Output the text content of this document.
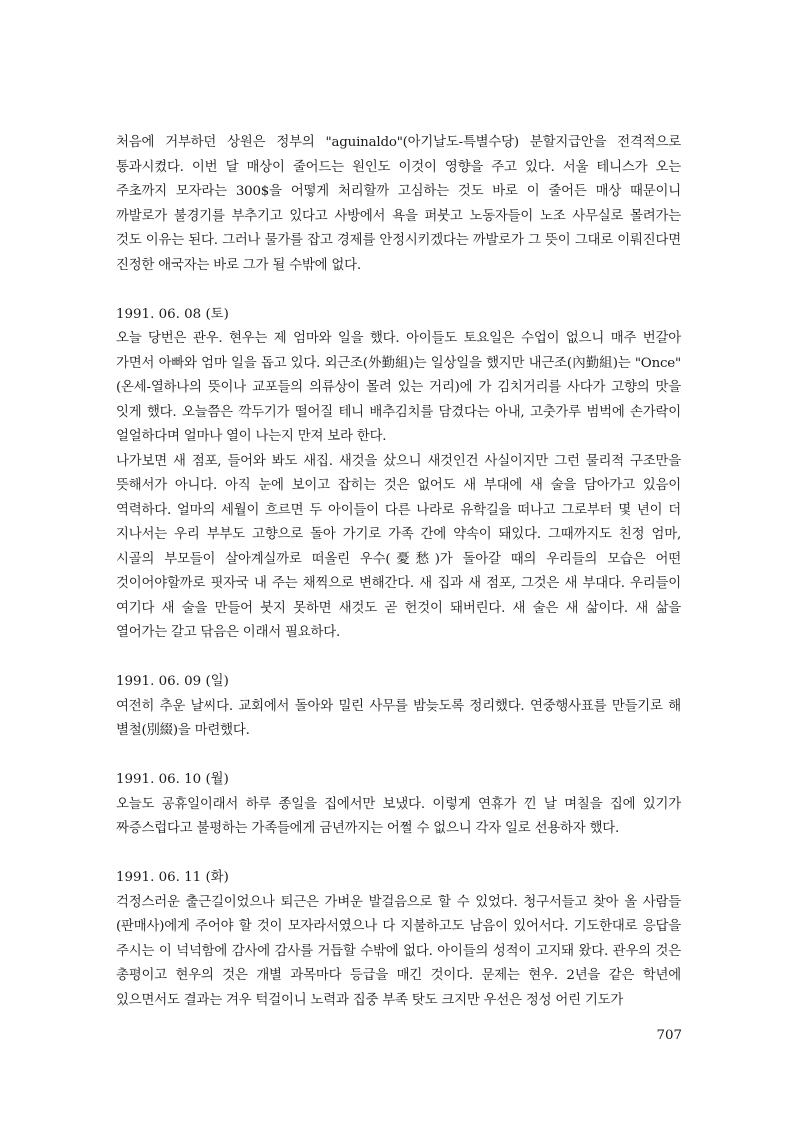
처음에 거부하던 상원은 정부의 "aguinaldo"(아기날도-특별수당) 분할지급안을 전격적으로 통과시켰다. 이번 달 매상이 줄어드는 원인도 이것이 영향을 주고 있다. 서울 테니스가 오는 주초까지 모자라는 300$을 어떻게 처리할까 고심하는 것도 바로 이 줄어든 매상 때문이니 까발로가 불경기를 부추기고 있다고 사방에서 욕을 퍼붓고 노동자들이 노조 사무실로 몰려가는 것도 이유는 된다. 그러나 물가를 잡고 경제를 안정시키겠다는 까발로가 그 뜻이 그대로 이뤄진다면 진정한 애국자는 바로 그가 될 수밖에 없다.

1991. 06. 08 (토)

오늘 당번은 관우. 현우는 제 엄마와 일을 했다. 아이들도 토요일은 수업이 없으니 매주 번갈아 가면서 아빠와 엄마 일을 돕고 있다. 외근조(外勤組)는 일상일을 했지만 내근조(內勤組)는 "Once"(온세-열하나의 뜻이나 교포들의 의류상이 몰려 있는 거리)에 가 김치거리를 사다가 고향의 맛을 잇게 했다. 오늘쯤은 깍두기가 떨어질 테니 배추김치를 담겼다는 아내, 고춧가루 범벅에 손가락이 얼얼하다며 얼마나 열이 나는지 만져 보라 한다.

나가보면 새 점포, 들어와 봐도 새집. 새것을 샀으니 새것인건 사실이지만 그런 물리적 구조만을 뜻해서가 아니다. 아직 눈에 보이고 잡히는 것은 없어도 새 부대에 새 술을 담아가고 있음이 역력하다. 얼마의 세월이 흐르면 두 아이들이 다른 나라로 유학길을 떠나고 그로부터 몇 년이 더 지나서는 우리 부부도 고향으로 돌아 가기로 가족 간에 약속이 돼있다. 그때까지도 친정 엄마, 시골의 부모들이 살아계실까로 떠올린 우수(憂愁)가 돌아갈 때의 우리들의 모습은 어떤 것이어야할까로 핏자국 내 주는 채찍으로 변해간다. 새 집과 새 점포, 그것은 새 부대다. 우리들이 여기다 새 술을 만들어 붓지 못하면 새것도 곧 헌것이 돼버린다. 새 술은 새 삶이다. 새 삶을 열어가는 갈고 닦음은 이래서 필요하다.

1991. 06. 09 (일)

여전히 추운 날씨다. 교회에서 돌아와 밀린 사무를 밤늦도록 정리했다. 연중행사표를 만들기로 해 별철(別綴)을 마련했다.

1991. 06. 10 (월)

오늘도 공휴일이래서 하루 종일을 집에서만 보냈다. 이렇게 연휴가 낀 날 며칠을 집에 있기가 짜증스럽다고 불평하는 가족들에게 금년까지는 어쩔 수 없으니 각자 일로 선용하자 했다.

1991. 06. 11 (화)

걱정스러운 출근길이었으나 퇴근은 가벼운 발걸음으로 할 수 있었다. 청구서들고 찾아 올 사람들(판매사)에게 주어야 할 것이 모자라서였으나 다 지불하고도 남음이 있어서다. 기도한대로 응답을 주시는 이 넉넉함에 감사에 감사를 거듭할 수밖에 없다. 아이들의 성적이 고지돼 왔다. 관우의 것은 총평이고 현우의 것은 개별 과목마다 등급을 매긴 것이다. 문제는 현우. 2년을 같은 학년에 있으면서도 결과는 겨우 턱걸이니 노력과 집중 부족 탓도 크지만 우선은 정성 어린 기도가

707
